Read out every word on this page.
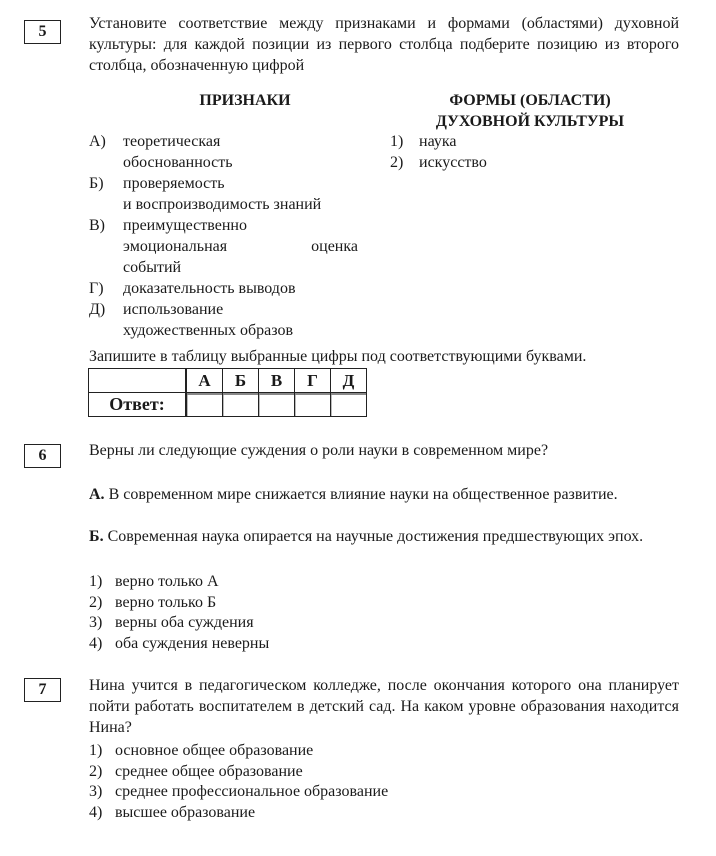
5	Установите соответствие между признаками и формами (областями) духовной культуры: для каждой позиции из первого столбца подберите позицию из второго столбца, обозначенную цифрой

ПРИЗНАКИ	ФОРМЫ (ОБЛАСТИ)
ДУХОВНОЙ КУЛЬТУРЫ
А)	теоретическая
обоснованность
Б)	проверяемость
и воспроизводимость знаний
В)	преимущественно
эмоциональная	оценка
событий
Г)	доказательность выводов
Д)	использование
художественных образов
1) наука
2) искусство

Запишите в таблицу выбранные цифры под соответствующими буквами.

	А	Б	В	Г	Д
Ответ:					
6	Верны ли следующие суждения о роли науки в современном мире?

А. В современном мире снижается влияние науки на общественное развитие.

Б. Современная наука опирается на научные достижения предшествующих эпох.

1) верно только А
2) верно только Б
3) верны оба суждения
4) оба суждения неверны
7	Нина учится в педагогическом колледже, после окончания которого она планирует пойти работать воспитателем в детский сад. На каком уровне образования находится Нина?

1) основное общее образование
2) среднее общее образование
3) среднее профессиональное образование
4) высшее образование
